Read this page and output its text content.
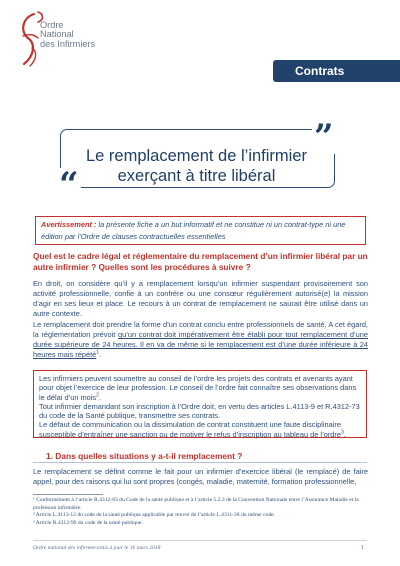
Ordre
National
des Infirmiers
Contrats
”
“
Le remplacement de l’infirmier
exerçant à titre libéral
Avertissement : la présente fiche a un but informatif et ne constitue ni un contrat-type ni une édition par l’Ordre de clauses contractuelles essentielles
Quel est le cadre légal et réglementaire du remplacement d’un infirmier libéral par un autre infirmier ? Quelles sont les procédures à suivre ?
En droit, on considère qu’il y a remplacement lorsqu’un infirmier suspendant provisoirement son activité professionnelle, confie à un confrère ou une consœur régulièrement autorisé(e) la mission d’agir en ses lieux et place. Le recours à un contrat de remplacement ne saurait être utilisé dans un autre contexte.
Le remplacement doit prendre la forme d’un contrat conclu entre professionnels de santé. A cet égard, la réglementation prévoit qu’un contrat doit impérativement être établi pour tout remplacement d’une durée supérieure de 24 heures. Il en va de même si le remplacement est d’une durée inférieure à 24 heures mais répété$^1$.
Les infirmiers peuvent soumettre au conseil de l’ordre les projets des contrats et avenants ayant pour objet l’exercice de leur profession. Le conseil de l’ordre fait connaître ses observations dans le délai d’un mois$^2$.
Tout infirmier demandant son inscription à l’Ordre doit, en vertu des articles L.4113-9 et R.4312-73 du code de la Santé publique, transmettre ses contrats.
Le défaut de communication ou la dissimulation de contrat constituent une faute disciplinaire susceptible d’entraîner une sanction ou de motiver le refus d’inscription au tableau de l’ordre$^3$.
1. Dans quelles situations y a-t-il remplacement ?
Le remplacement se définit comme le fait pour un infirmier d’exercice libéral (le remplacé) de faire appel, pour des raisons qui lui sont propres (congés, maladie, maternité, formation professionnelle,
¹ Conformément à l’article R.4312-83 du Code de la santé publique et à l’article 5.2.3 de la Convention Nationale entre l’Assurance Maladie et la profession infirmière.
² Article L.4113-12 du code de la santé publique applicable par renvoi de l’article L.4311-28 du même code.
³ Article R.4312-90 du code de la santé publique.
Ordre national des infirmiers/mis à jour le 16 mars 2018	1
